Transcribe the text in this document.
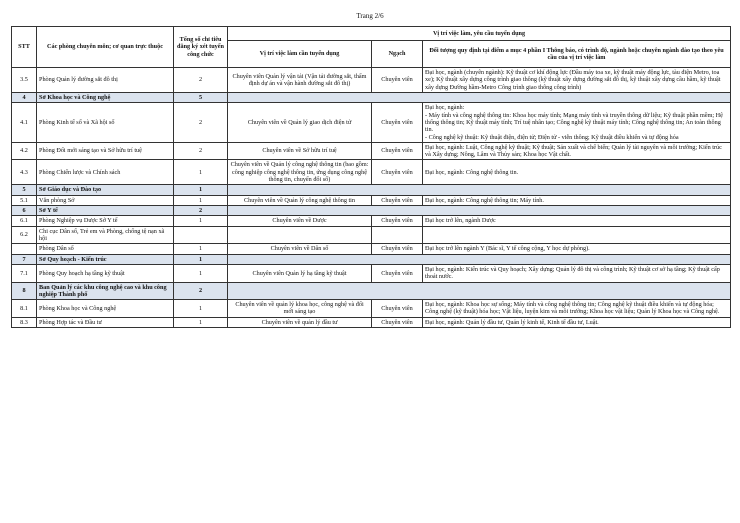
Trang 2/6
STT	Các phòng chuyên môn; cơ quan trực thuộc	Tổng số chỉ tiêu đăng ký xét tuyển công chức	Vị trí việc làm, yêu cầu tuyển dụng		
			Vị trí việc làm cần tuyển dụng	Ngạch	Đối tượng quy định tại điểm a mục 4 phần I Thông báo, có trình độ, ngành hoặc chuyên ngành đào tạo theo yêu cầu của vị trí việc làm
3.5	Phòng Quản lý đường sắt đô thị	2	Chuyên viên Quản lý vận tải (Vận tải đường sắt, thẩm định dự án và vận hành đường sắt đô thị)	Chuyên viên	Đại học, ngành (chuyên ngành): Kỹ thuật cơ khí động lực (Đầu máy toa xe, kỹ thuật máy động lực, tàu điện Metro, toa xe); Kỹ thuật xây dựng công trình giao thông (kỹ thuật xây dựng đường sắt đô thị, kỹ thuật xây dựng cầu hầm, kỹ thuật xây dựng Đường hầm-Metro Công trình giao thông công trình)
4	Sở Khoa học và Công nghệ	5			
4.1	Phòng Kinh tế số và Xã hội số	2	Chuyên viên về Quản lý giao dịch điện tử	Chuyên viên	Đại học, ngành:
- Máy tính và công nghệ thông tin: Khoa học máy tính; Mạng máy tính và truyền thông dữ liệu; Kỹ thuật phần mềm; Hệ thống thông tin; Kỹ thuật máy tính; Trí tuệ nhân tạo; Công nghệ kỹ thuật máy tính; Công nghệ thông tin; An toàn thông tin.
- Công nghệ kỹ thuật: Kỹ thuật điện, điện tử; Điện tử - viễn thông; Kỹ thuật điều khiển và tự động hóa
4.2	Phòng Đổi mới sáng tạo và Sở hữu trí tuệ	2	Chuyên viên về Sở hữu trí tuệ	Chuyên viên	Đại học, ngành: Luật, Công nghệ kỹ thuật; Kỹ thuật; Sản xuất và chế biến; Quản lý tài nguyên và môi trường; Kiến trúc và Xây dựng; Nông, Lâm và Thủy sản; Khoa học Vật chất.
4.3	Phòng Chiến lược và Chính sách	1	Chuyên viên về Quản lý công nghệ thông tin (bao gồm: công nghiệp công nghệ thông tin, ứng dụng công nghệ thông tin, chuyển đổi số)	Chuyên viên	Đại học, ngành: Công nghệ thông tin.
5	Sở Giáo dục và Đào tạo	1			
5.1	Văn phòng Sở	1	Chuyên viên về Quản lý công nghệ thông tin	Chuyên viên	Đại học, ngành: Công nghệ thông tin; Máy tính.
6	Sở Y tế	2			
6.1	Phòng Nghiệp vụ Dược Sở Y tế	1	Chuyên viên về Dược	Chuyên viên	Đại học trở lên, ngành Dược
6.2	Chi cục Dân số, Trẻ em và Phòng, chống tệ nạn xã hội				
	Phòng Dân số	1	Chuyên viên về Dân số	Chuyên viên	Đại học trở lên ngành Y (Bác sĩ, Y tế công cộng, Y học dự phòng).
7	Sở Quy hoạch - Kiến trúc	1			
7.1	Phòng Quy hoạch hạ tầng kỹ thuật	1	Chuyên viên Quản lý hạ tầng kỹ thuật	Chuyên viên	Đại học, ngành: Kiến trúc và Quy hoạch; Xây dựng; Quản lý đô thị và công trình; Kỹ thuật cơ sở hạ tầng; Kỹ thuật cấp thoát nước.
8	Ban Quản lý các khu công nghệ cao và khu công nghiệp Thành phố	2			
8.1	Phòng Khoa học và Công nghệ	1	Chuyên viên về quản lý khoa học, công nghệ và đổi mới sáng tạo	Chuyên viên	Đại học, ngành: Khoa học sự sống; Máy tính và công nghệ thông tin; Công nghệ kỹ thuật điều khiển và tự động hóa; Công nghệ (kỹ thuật) hóa học; Vật liệu, luyện kim và môi trường; Khoa học vật liệu; Quản lý Khoa học và Công nghệ.
8.3	Phòng Hợp tác và Đầu tư	1	Chuyên viên về quản lý đầu tư	Chuyên viên	Đại học, ngành: Quản lý đầu tư, Quản lý kinh tế, Kinh tế đầu tư, Luật.
